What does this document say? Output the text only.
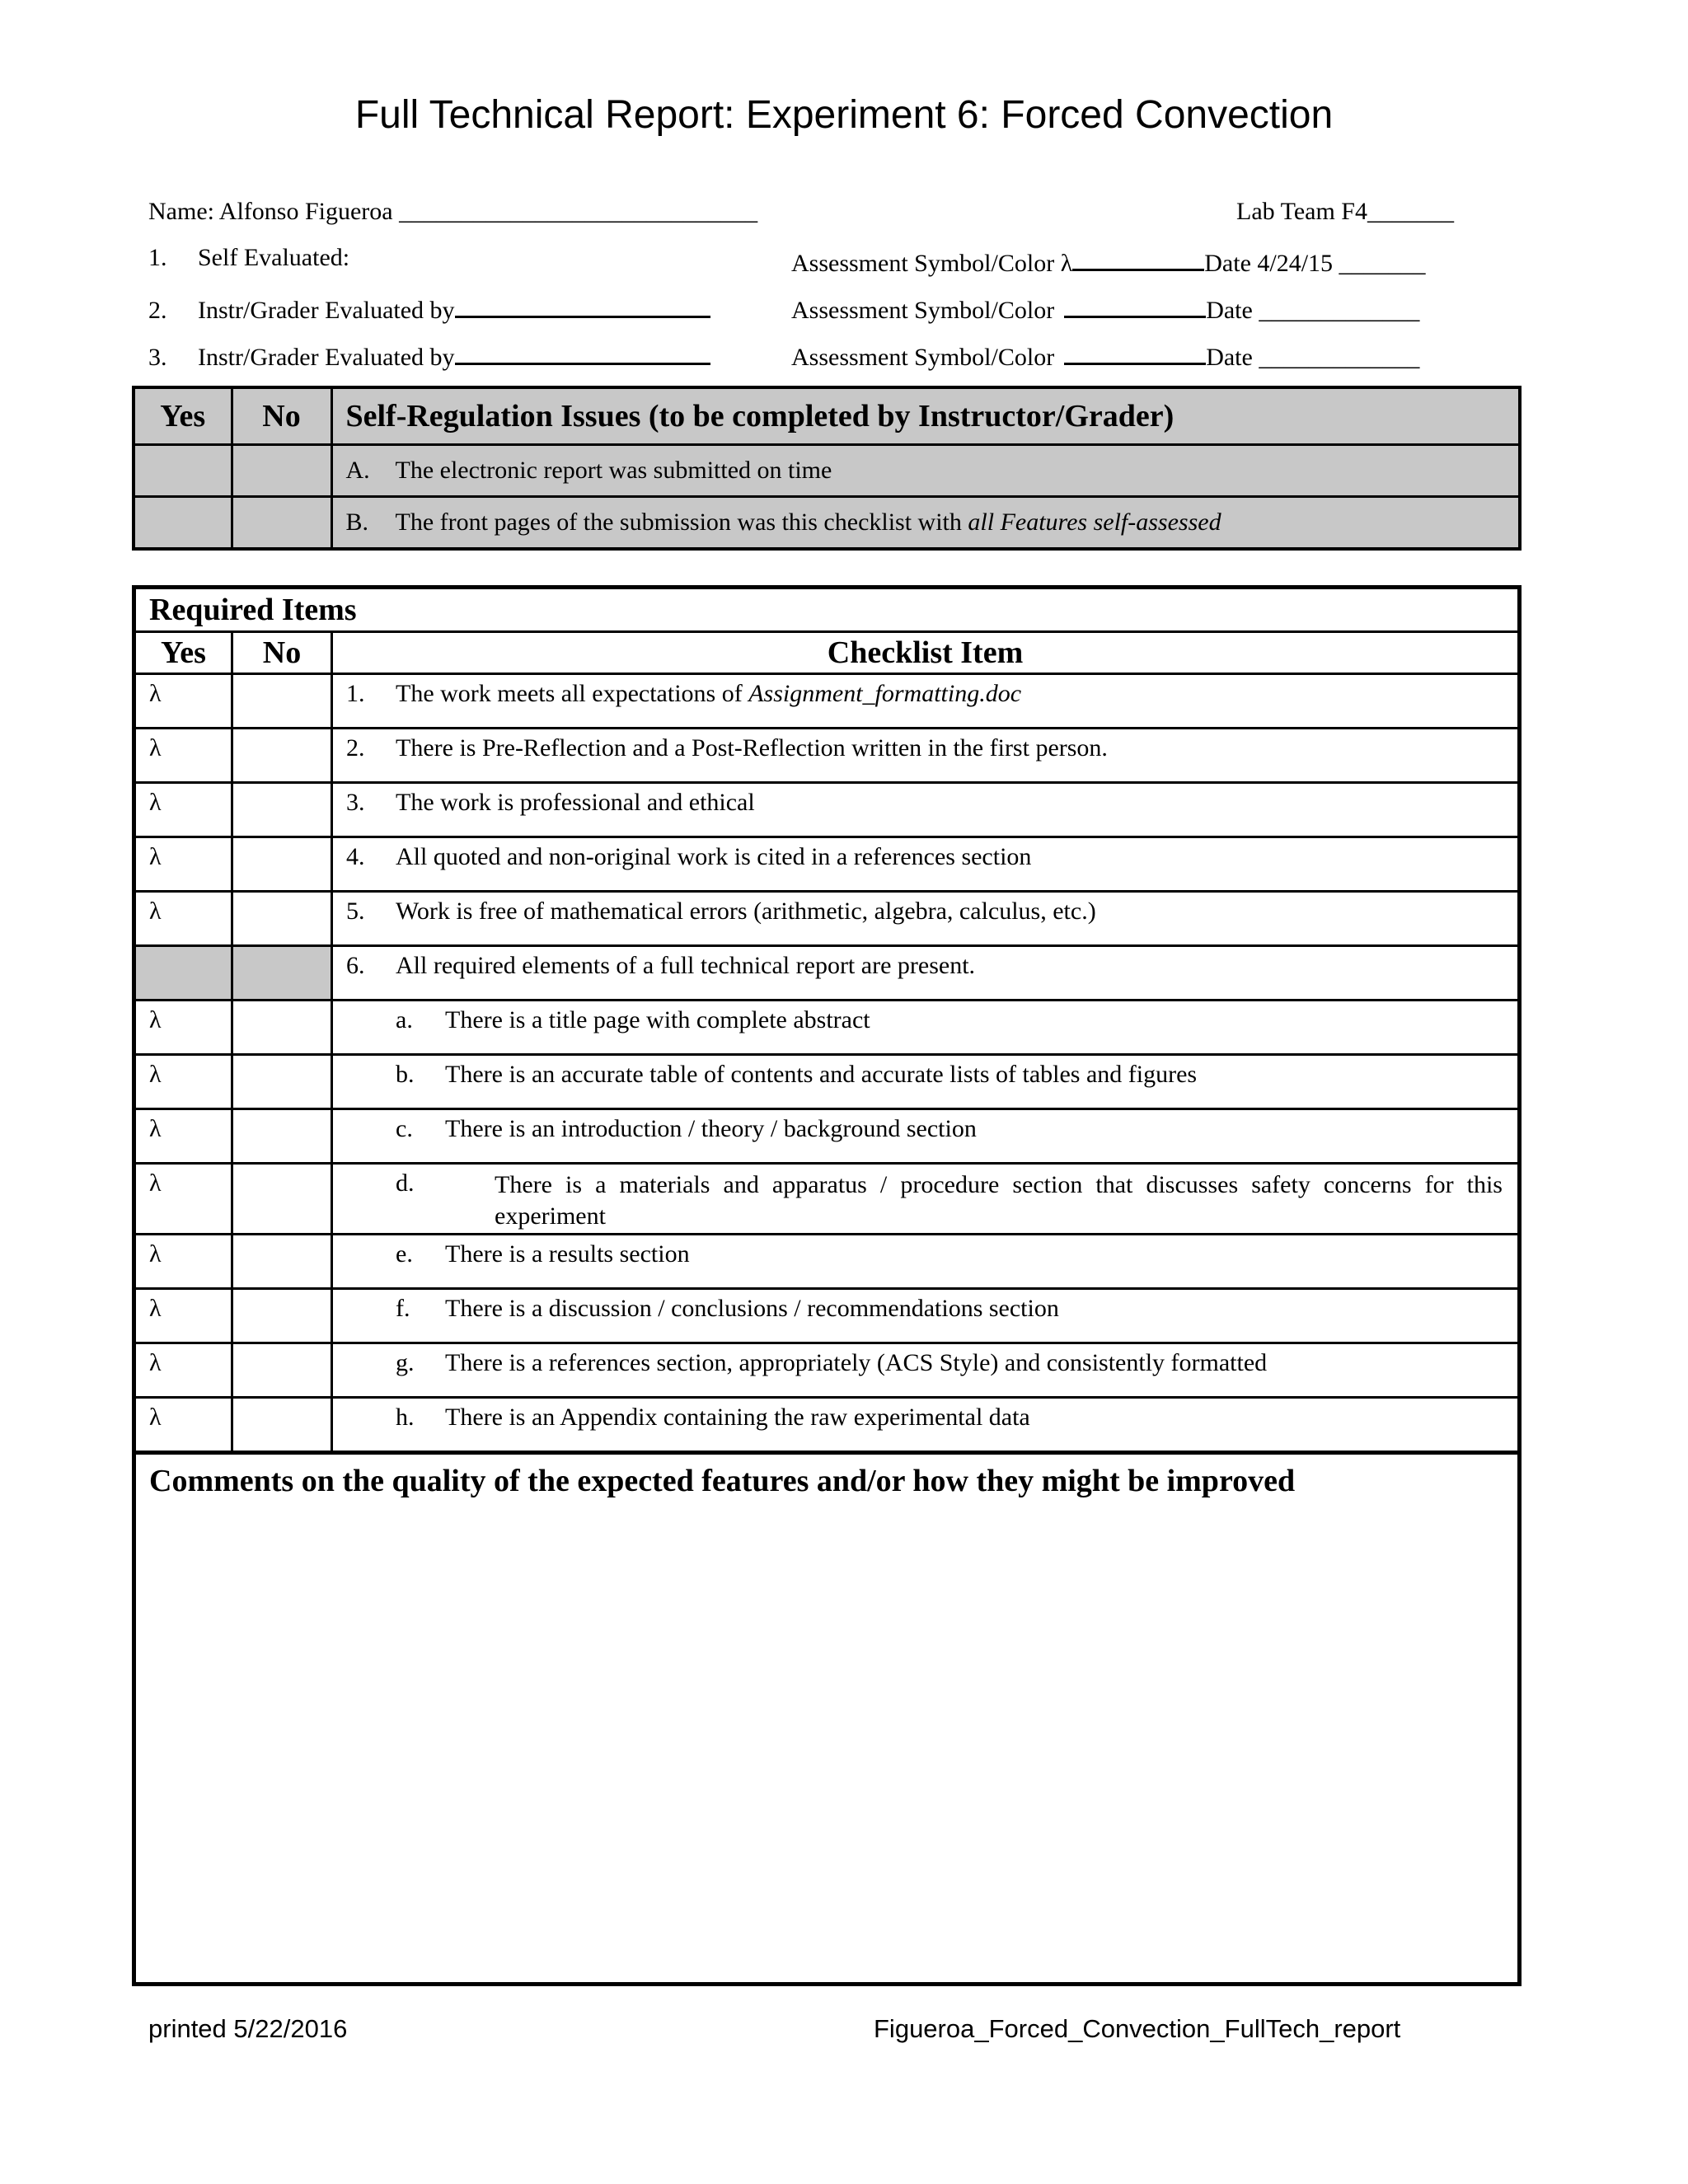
Full Technical Report: Experiment 6: Forced Convection
Name: Alfonso Figueroa _____________________________	Lab Team F4_______
1. Self Evaluated:	Assessment Symbol/Color λ	Date 4/24/15 _______
2. Instr/Grader Evaluated by	Assessment Symbol/Color	Date _____________
3. Instr/Grader Evaluated by	Assessment Symbol/Color	Date _____________
Yes	No	Self-Regulation Issues (to be completed by Instructor/Grader)

		A. The electronic report was submitted on time

		B. The front pages of the submission was this checklist with all Features self-assessed
Required Items		
Yes	No	Checklist Item
λ		1. The work meets all expectations of Assignment_formatting.doc
λ		2. There is Pre-Reflection and a Post-Reflection written in the first person.
λ		3. The work is professional and ethical
λ		4. All quoted and non-original work is cited in a references section
λ		5. Work is free of mathematical errors (arithmetic, algebra, calculus, etc.)
		6. All required elements of a full technical report are present.
λ		a. There is a title page with complete abstract

λ		b. There is an accurate table of contents and accurate lists of tables and figures

λ		c. There is an introduction / theory / background section

λ		d. There is a materials and apparatus / procedure section that discusses safety concerns for this experiment

λ		e. There is a results section

λ		f. There is a discussion / conclusions / recommendations section

λ		g. There is a references section, appropriately (ACS Style) and consistently formatted

λ		h. There is an Appendix containing the raw experimental data

Comments on the quality of the expected features and/or how they might be improved		
printed 5/22/2016	Figueroa_Forced_Convection_FullTech_report
